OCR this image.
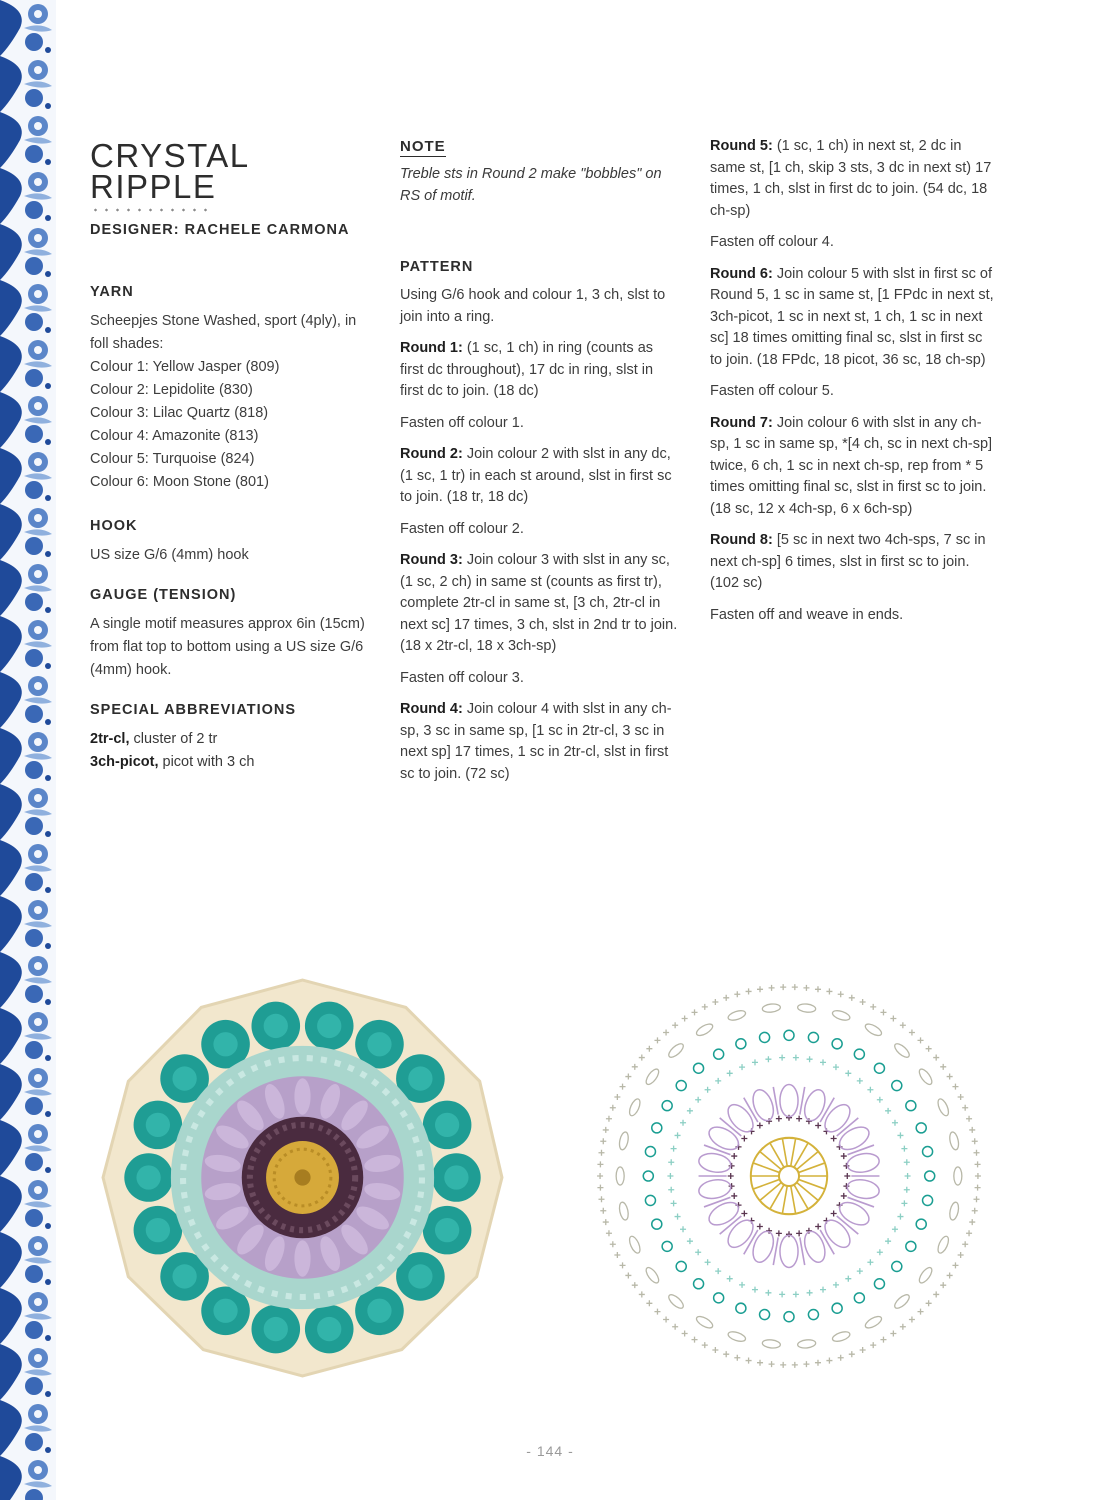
CRYSTAL
RIPPLE
DESIGNER: RACHELE CARMONA
YARN

Scheepjes Stone Washed, sport (4ply), in foll shades:

Colour 1: Yellow Jasper (809)

Colour 2: Lepidolite (830)

Colour 3: Lilac Quartz (818)

Colour 4: Amazonite (813)

Colour 5: Turquoise (824)

Colour 6: Moon Stone (801)

HOOK

US size G/6 (4mm) hook

GAUGE (TENSION)

A single motif measures approx 6in (15cm) from flat top to bottom using a US size G/6 (4mm) hook.

SPECIAL ABBREVIATIONS

2tr-cl, cluster of 2 tr

3ch-picot, picot with 3 ch

NOTE

Treble sts in Round 2 make "bobbles" on RS of motif.

PATTERN

Using G/6 hook and colour 1, 3 ch, slst to join into a ring.

Round 1: (1 sc, 1 ch) in ring (counts as first dc throughout), 17 dc in ring, slst in first dc to join. (18 dc)

Fasten off colour 1.

Round 2: Join colour 2 with slst in any dc, (1 sc, 1 tr) in each st around, slst in first sc to join. (18 tr, 18 dc)

Fasten off colour 2.

Round 3: Join colour 3 with slst in any sc, (1 sc, 2 ch) in same st (counts as first tr), complete 2tr-cl in same st, [3 ch, 2tr-cl in next sc] 17 times, 3 ch, slst in 2nd tr to join. (18 x 2tr-cl, 18 x 3ch-sp)

Fasten off colour 3.

Round 4: Join colour 4 with slst in any ch-sp, 3 sc in same sp, [1 sc in 2tr-cl, 3 sc in next sp] 17 times, 1 sc in 2tr-cl, slst in first sc to join. (72 sc)

Round 5: (1 sc, 1 ch) in next st, 2 dc in same st, [1 ch, skip 3 sts, 3 dc in next st) 17 times, 1 ch, slst in first dc to join. (54 dc, 18 ch-sp)

Fasten off colour 4.

Round 6: Join colour 5 with slst in first sc of Round 5, 1 sc in same st, [1 FPdc in next st, 3ch-picot, 1 sc in next st, 1 ch, 1 sc in next sc] 18 times omitting final sc, slst in first sc to join. (18 FPdc, 18 picot, 36 sc, 18 ch-sp)

Fasten off colour 5.

Round 7: Join colour 6 with slst in any ch-sp, 1 sc in same sp, *[4 ch, sc in next ch-sp] twice, 6 ch, 1 sc in next ch-sp, rep from * 5 times omitting final sc, slst in first sc to join. (18 sc, 12 x 4ch-sp, 6 x 6ch-sp)

Round 8: [5 sc in next two 4ch-sps, 7 sc in next ch-sp] 6 times, slst in first sc to join. (102 sc)

Fasten off and weave in ends.

- 144 -
